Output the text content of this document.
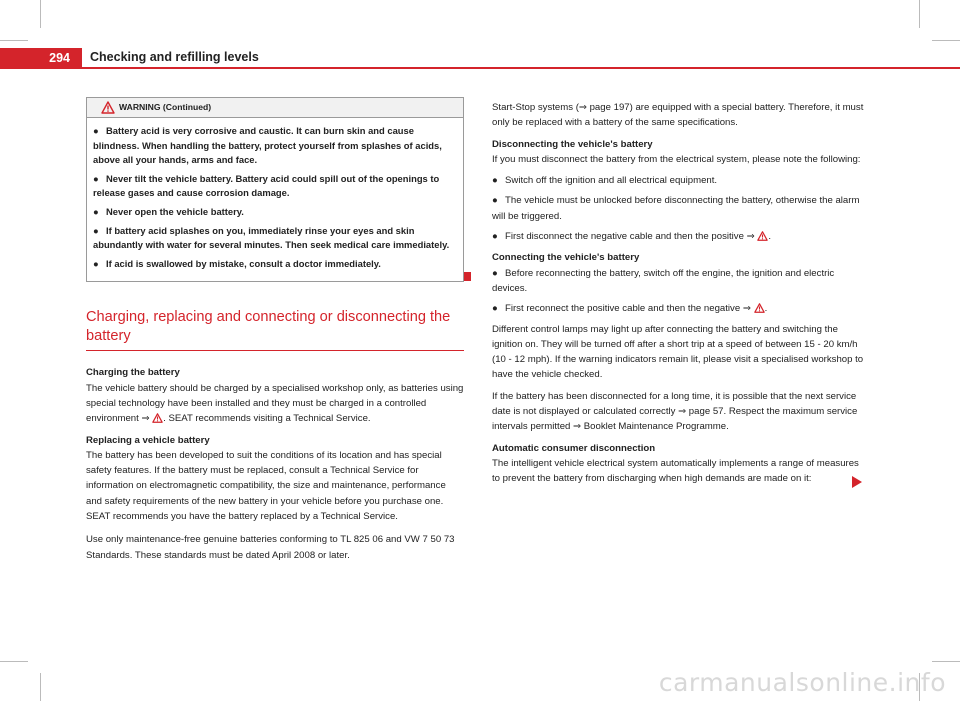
294	Checking and refilling levels
WARNING (Continued)

● Battery acid is very corrosive and caustic. It can burn skin and cause blindness. When handling the battery, protect yourself from splashes of acids, above all your hands, arms and face.

● Never tilt the vehicle battery. Battery acid could spill out of the openings to release gases and cause corrosion damage.

● Never open the vehicle battery.

● If battery acid splashes on you, immediately rinse your eyes and skin abundantly with water for several minutes. Then seek medical care immediately.

● If acid is swallowed by mistake, consult a doctor immediately.

Charging, replacing and connecting or disconnecting the battery
Charging the battery

The vehicle battery should be charged by a specialised workshop only, as batteries using special technology have been installed and they must be charged in a controlled environment ⇒ . SEAT recommends visiting a Technical Service.

Replacing a vehicle battery

The battery has been developed to suit the conditions of its location and has special safety features. If the battery must be replaced, consult a Technical Service for information on electromagnetic compatibility, the size and maintenance, performance and safety requirements of the new battery in your vehicle before you purchase one. SEAT recommends you have the battery replaced by a Technical Service.

Use only maintenance-free genuine batteries conforming to TL 825 06 and VW 7 50 73 Standards. These standards must be dated April 2008 or later.

Start-Stop systems (⇒ page 197) are equipped with a special battery. Therefore, it must only be replaced with a battery of the same specifications.

Disconnecting the vehicle's battery

If you must disconnect the battery from the electrical system, please note the following:

● Switch off the ignition and all electrical equipment.

● The vehicle must be unlocked before disconnecting the battery, otherwise the alarm will be triggered.

● First disconnect the negative cable and then the positive ⇒ .

Connecting the vehicle's battery

● Before reconnecting the battery, switch off the engine, the ignition and electric devices.

● First reconnect the positive cable and then the negative ⇒ .

Different control lamps may light up after connecting the battery and switching the ignition on. They will be turned off after a short trip at a speed of between 15 - 20 km/h (10 - 12 mph). If the warning indicators remain lit, please visit a specialised workshop to have the vehicle checked.

If the battery has been disconnected for a long time, it is possible that the next service date is not displayed or calculated correctly ⇒ page 57. Respect the maximum service intervals permitted ⇒ Booklet Maintenance Programme.

Automatic consumer disconnection

The intelligent vehicle electrical system automatically implements a range of measures to prevent the battery from discharging when high demands are made on it:

carmanualsonline.info
